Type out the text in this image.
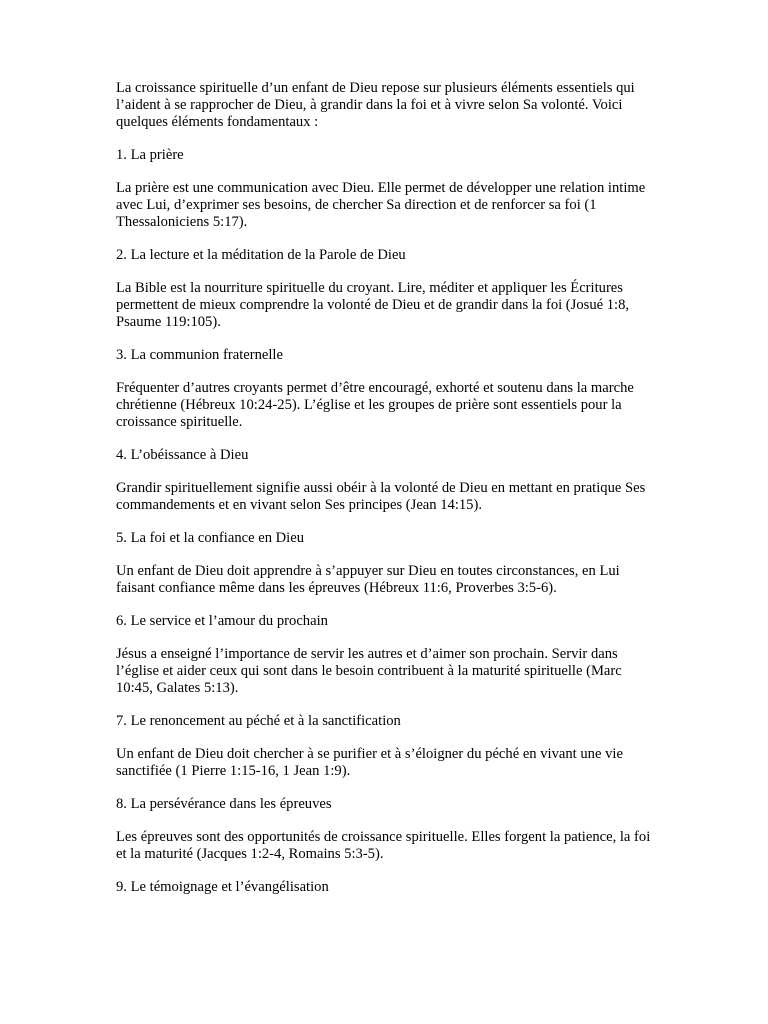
La croissance spirituelle d’un enfant de Dieu repose sur plusieurs éléments essentiels qui l’aident à se rapprocher de Dieu, à grandir dans la foi et à vivre selon Sa volonté. Voici quelques éléments fondamentaux :

1. La prière

La prière est une communication avec Dieu. Elle permet de développer une relation intime avec Lui, d’exprimer ses besoins, de chercher Sa direction et de renforcer sa foi (1 Thessaloniciens 5:17).

2. La lecture et la méditation de la Parole de Dieu

La Bible est la nourriture spirituelle du croyant. Lire, méditer et appliquer les Écritures permettent de mieux comprendre la volonté de Dieu et de grandir dans la foi (Josué 1:8, Psaume 119:105).

3. La communion fraternelle

Fréquenter d’autres croyants permet d’être encouragé, exhorté et soutenu dans la marche chrétienne (Hébreux 10:24-25). L’église et les groupes de prière sont essentiels pour la croissance spirituelle.

4. L’obéissance à Dieu

Grandir spirituellement signifie aussi obéir à la volonté de Dieu en mettant en pratique Ses commandements et en vivant selon Ses principes (Jean 14:15).

5. La foi et la confiance en Dieu

Un enfant de Dieu doit apprendre à s’appuyer sur Dieu en toutes circonstances, en Lui faisant confiance même dans les épreuves (Hébreux 11:6, Proverbes 3:5-6).

6. Le service et l’amour du prochain

Jésus a enseigné l’importance de servir les autres et d’aimer son prochain. Servir dans l’église et aider ceux qui sont dans le besoin contribuent à la maturité spirituelle (Marc 10:45, Galates 5:13).

7. Le renoncement au péché et à la sanctification

Un enfant de Dieu doit chercher à se purifier et à s’éloigner du péché en vivant une vie sanctifiée (1 Pierre 1:15-16, 1 Jean 1:9).

8. La persévérance dans les épreuves

Les épreuves sont des opportunités de croissance spirituelle. Elles forgent la patience, la foi et la maturité (Jacques 1:2-4, Romains 5:3-5).

9. Le témoignage et l’évangélisation
